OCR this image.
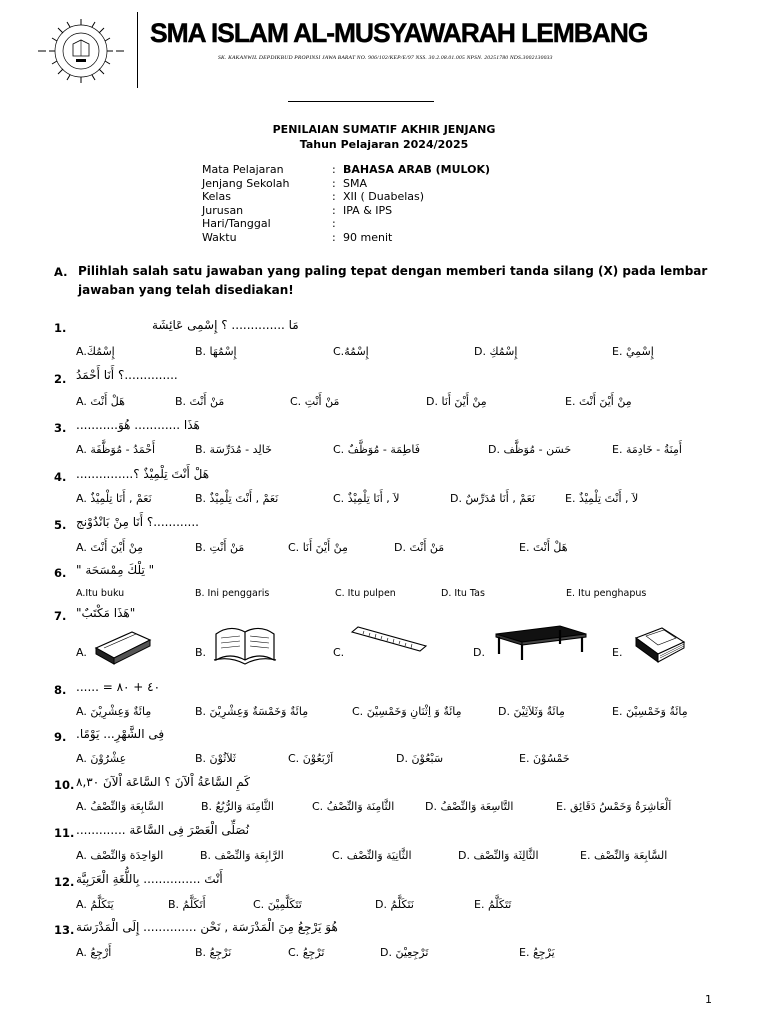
SMA ISLAM AL-MUSYAWARAH LEMBANG
SK. KAKANWIL DEPDIKBUD PROPINSI JAWA BARAT NO. 906/102/KEP/E/97 NSS. 30.2.08.01.005 NPSN. 20251780 NDS.3002130033
PENILAIAN SUMATIF AKHIR JENJANG
Tahun Pelajaran 2024/2025
Mata Pelajaran	: BAHASA ARAB (MULOK)
Jenjang Sekolah	: SMA
Kelas	: XII ( Duabelas)
Jurusan	: IPA & IPS
Hari/Tanggal	:
Waktu	: 90 menit
A. Pilihlah salah satu jawaban yang paling tepat dengan memberi tanda silang (X) pada lembar jawaban yang telah disediakan!
1.	مَا .............. ؟ إِسْمِى عَائِشَة
A.إِسْمُكَ	B. إِسْمُهَا	C.إِسْمُهُ	D. إِسْمُكِ	E. إِسْمِيْ
2. ..............؟ أَنَا أَحْمَدُ
A. هَلْ أَنْتَ	B. مَنْ أَنْتَ	C. مَنْ أَنْتِ	D. مِنْ أَيْنَ أَنَا	E. مِنْ أَيْنَ أَنْتَ
3. هَذَا ............ هُوَ...........
A. أَحْمَدُ - مُوَظَّفَة	B. خَالِد - مُدَرِّسَة	C. فَاطِمَة - مُوَظَّفٌ	D. حَسَن - مُوَظَّف	E. أَمِنَةُ - خَادِمَة
4. هَلْ أَنْتَ تِلْمِيْذٌ ؟...............
A. نَعَمْ , أَنَا تِلْمِيْذٌ	B. نَعَمْ , أَنْتَ تِلْمِيْذٌ	C. لاَ , أَنَا تِلْمِيْذٌ	D. نَعَمْ , أَنَا مُدَرِّسٌ	E. لاَ , أَنْتَ تِلْمِيْذٌ
5. ............؟ أَنَا مِنْ بَانْدُوْنج
A. مِنْ أَيْنَ أَنْتَ	B. مَنْ أَنْتِ	C. مِنْ أَيْنَ أَنَا	D. مَنْ أَنْتَ	E. هَلْ أَنْتَ
6. " تِلْكَ مِمْسَحَة "
A.Itu buku	B. Ini penggaris	C. Itu pulpen	D. Itu Tas	E. Itu penghapus
7. "هَذَا مَكْتَبٌ"
A.	B.	C.	D.	E.
8. ...... = ٤٠ + ٨٠
A. مِائَةٌ وَعِشْرِيْنَ	B. مِائَةٌ وَخَمْسَةٌ وَعِشْرِيْنَ	C. مِائَةٌ وَ اِثْنَانِ وَخَمْسِيْنَ	D. مِائَةٌ وَثَلاَثِيْنَ	E. مِائَةٌ وَخَمْسِيْنَ
9. فِى الشَّهْرِ... يَوْمًا.
A. عِشْرُوْنَ	B. ثَلاَثُوْنَ	C. اَرْبَعُوْنَ	D. سَبْعُوْنَ	E. خَمْسُوْنَ
10. كَمِ السَّاعَةُ اْلآنَ ؟ السَّاعَة اْلآنَ ٨,٣٠
A. السَّابِعَة وَالنِّصْفُ	B. الثَّامِنَة وَالرُّبُعُ	C. الثَّامِنَة وَالنِّصْفُ	D. التَّاسِعَة وَالنِّصْفُ	E. اَلْعَاشِرَةُ وَخَمْسُ دَقَائِق
11. نُصَلِّى الْعَصْرَ فِى السَّاعَة .............
A. الوَاحِدَة وَالنِّصْف	B. الرَّابِعَة وَالنِّصْف	C. الثَّانِيَة وَالنِّصْف	D. الثَّالِثَة وَالنِّصْف	E. السَّابِعَة وَالنِّصْف
12. أَنْتَ ............... بِاللُّغَةِ الْعَرَبِيَّة
A. يَتَكَلَّمُ	B. أَتَكَلَّمُ	C. تَتَكَلَّمِيْنَ	D. نَتَكَلَّمُ	E. تَتَكَلَّمُ
13. هُوَ يَرْجِعُ مِنَ الْمَدْرَسَة , نَحْن .............. إِلَى الْمَدْرَسَة
A. أَرْجِعُ	B. نَرْجِعُ	C. تَرْجِعُ	D. تَرْجِعِيْنَ	E. يَرْجِعُ
1
